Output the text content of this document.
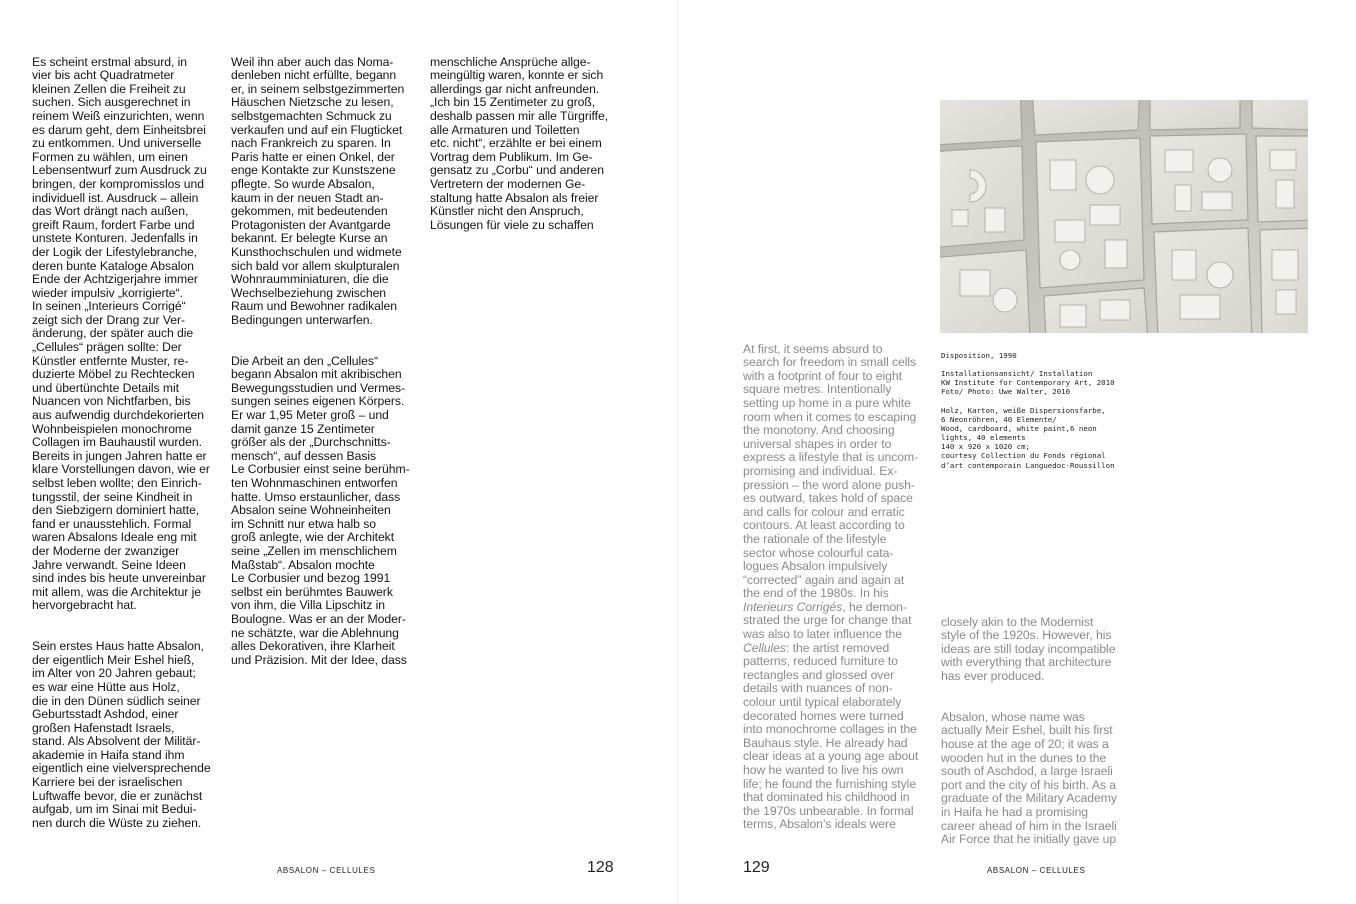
Es scheint erstmal absurd, in
vier bis acht Quadratmeter
kleinen Zellen die Freiheit zu
suchen. Sich ausgerechnet in
reinem Weiß einzurichten, wenn
es darum geht, dem Einheitsbrei
zu entkommen. Und universelle
Formen zu wählen, um einen
Lebensentwurf zum Ausdruck zu
bringen, der kompromisslos und
individuell ist. Ausdruck – allein
das Wort drängt nach außen,
greift Raum, fordert Farbe und
unstete Konturen. Jedenfalls in
der Logik der Lifestylebranche,
deren bunte Kataloge Absalon
Ende der Achtzigerjahre immer
wieder impulsiv „korrigierte“.
In seinen „Interieurs Corrigé“
zeigt sich der Drang zur Ver-
änderung, der später auch die
„Cellules“ prägen sollte: Der
Künstler entfernte Muster, re-
duzierte Möbel zu Rechtecken
und übertünchte Details mit
Nuancen von Nichtfarben, bis
aus aufwendig durchdekorierten
Wohnbeispielen monochrome
Collagen im Bauhaustil wurden.
Bereits in jungen Jahren hatte er
klare Vorstellungen davon, wie er
selbst leben wollte; den Einrich-
tungsstil, der seine Kindheit in
den Siebzigern dominiert hatte,
fand er unausstehlich. Formal
waren Absalons Ideale eng mit
der Moderne der zwanziger
Jahre verwandt. Seine Ideen
sind indes bis heute unvereinbar
mit allem, was die Architektur je
hervorgebracht hat.

Sein erstes Haus hatte Absalon,
der eigentlich Meir Eshel hieß,
im Alter von 20 Jahren gebaut;
es war eine Hütte aus Holz,
die in den Dünen südlich seiner
Geburtsstadt Ashdod, einer
großen Hafenstadt Israels,
stand. Als Absolvent der Militär-
akademie in Haifa stand ihm
eigentlich eine vielversprechende
Karriere bei der israelischen
Luftwaffe bevor, die er zunächst
aufgab, um im Sinai mit Bedui-
nen durch die Wüste zu ziehen.

Weil ihn aber auch das Noma-
denleben nicht erfüllte, begann
er, in seinem selbstgezimmerten
Häuschen Nietzsche zu lesen,
selbstgemachten Schmuck zu
verkaufen und auf ein Flugticket
nach Frankreich zu sparen. In
Paris hatte er einen Onkel, der
enge Kontakte zur Kunstszene
pflegte. So wurde Absalon,
kaum in der neuen Stadt an-
gekommen, mit bedeutenden
Protagonisten der Avantgarde
bekannt. Er belegte Kurse an
Kunsthochschulen und widmete
sich bald vor allem skulpturalen
Wohnraumminiaturen, die die
Wechselbeziehung zwischen
Raum und Bewohner radikalen
Bedingungen unterwarfen.

Die Arbeit an den „Cellules“
begann Absalon mit akribischen
Bewegungsstudien und Vermes-
sungen seines eigenen Körpers.
Er war 1,95 Meter groß – und
damit ganze 15 Zentimeter
größer als der „Durchschnitts-
mensch“, auf dessen Basis
Le Corbusier einst seine berühm-
ten Wohnmaschinen entworfen
hatte. Umso erstaunlicher, dass
Absalon seine Wohneinheiten
im Schnitt nur etwa halb so
groß anlegte, wie der Architekt
seine „Zellen im menschlichem
Maßstab“. Absalon mochte
Le Corbusier und bezog 1991
selbst ein berühmtes Bauwerk
von ihm, die Villa Lipschitz in
Boulogne. Was er an der Moder-
ne schätzte, war die Ablehnung
alles Dekorativen, ihre Klarheit
und Präzision. Mit der Idee, dass

menschliche Ansprüche allge-
meingültig waren, konnte er sich
allerdings gar nicht anfreunden.
„Ich bin 15 Zentimeter zu groß,
deshalb passen mir alle Türgriffe,
alle Armaturen und Toiletten
etc. nicht“, erzählte er bei einem
Vortrag dem Publikum. Im Ge-
gensatz zu „Corbu“ und anderen
Vertretern der modernen Ge-
staltung hatte Absalon als freier
Künstler nicht den Anspruch,
Lösungen für viele zu schaffen

ABSALON – CELLULES	128

Disposition, 1990

Installationsansicht/ Installation
KW Institute for Contemporary Art, 2010
Foto/ Photo: Uwe Walter, 2010

Holz, Karton, weiße Dispersionsfarbe,
6 Neonröhren, 40 Elemente/
Wood, cardboard, white paint,6 neon
lights, 40 elements
140 x 920 x 1020 cm;
courtesy Collection du Fonds régional
d’art contemporain Languedoc-Roussillon

At first, it seems absurd to
search for freedom in small cells
with a footprint of four to eight
square metres. Intentionally
setting up home in a pure white
room when it comes to escaping
the monotony. And choosing
universal shapes in order to
express a lifestyle that is uncom-
promising and individual. Ex-
pression – the word alone push-
es outward, takes hold of space
and calls for colour and erratic
contours. At least according to
the rationale of the lifestyle
sector whose colourful cata-
logues Absalon impulsively
“corrected” again and again at
the end of the 1980s. In his
Interieurs Corrigés, he demon-
strated the urge for change that
was also to later influence the
Cellules: the artist removed
patterns, reduced furniture to
rectangles and glossed over
details with nuances of non-
colour until typical elaborately
decorated homes were turned
into monochrome collages in the
Bauhaus style. He already had
clear ideas at a young age about
how he wanted to live his own
life; he found the furnishing style
that dominated his childhood in
the 1970s unbearable. In formal
terms, Absalon’s ideals were

closely akin to the Modernist
style of the 1920s. However, his
ideas are still today incompatible
with everything that architecture
has ever produced.

Absalon, whose name was
actually Meir Eshel, built his first
house at the age of 20; it was a
wooden hut in the dunes to the
south of Aschdod, a large Israeli
port and the city of his birth. As a
graduate of the Military Academy
in Haifa he had a promising
career ahead of him in the Israeli
Air Force that he initially gave up

129	ABSALON – CELLULES
